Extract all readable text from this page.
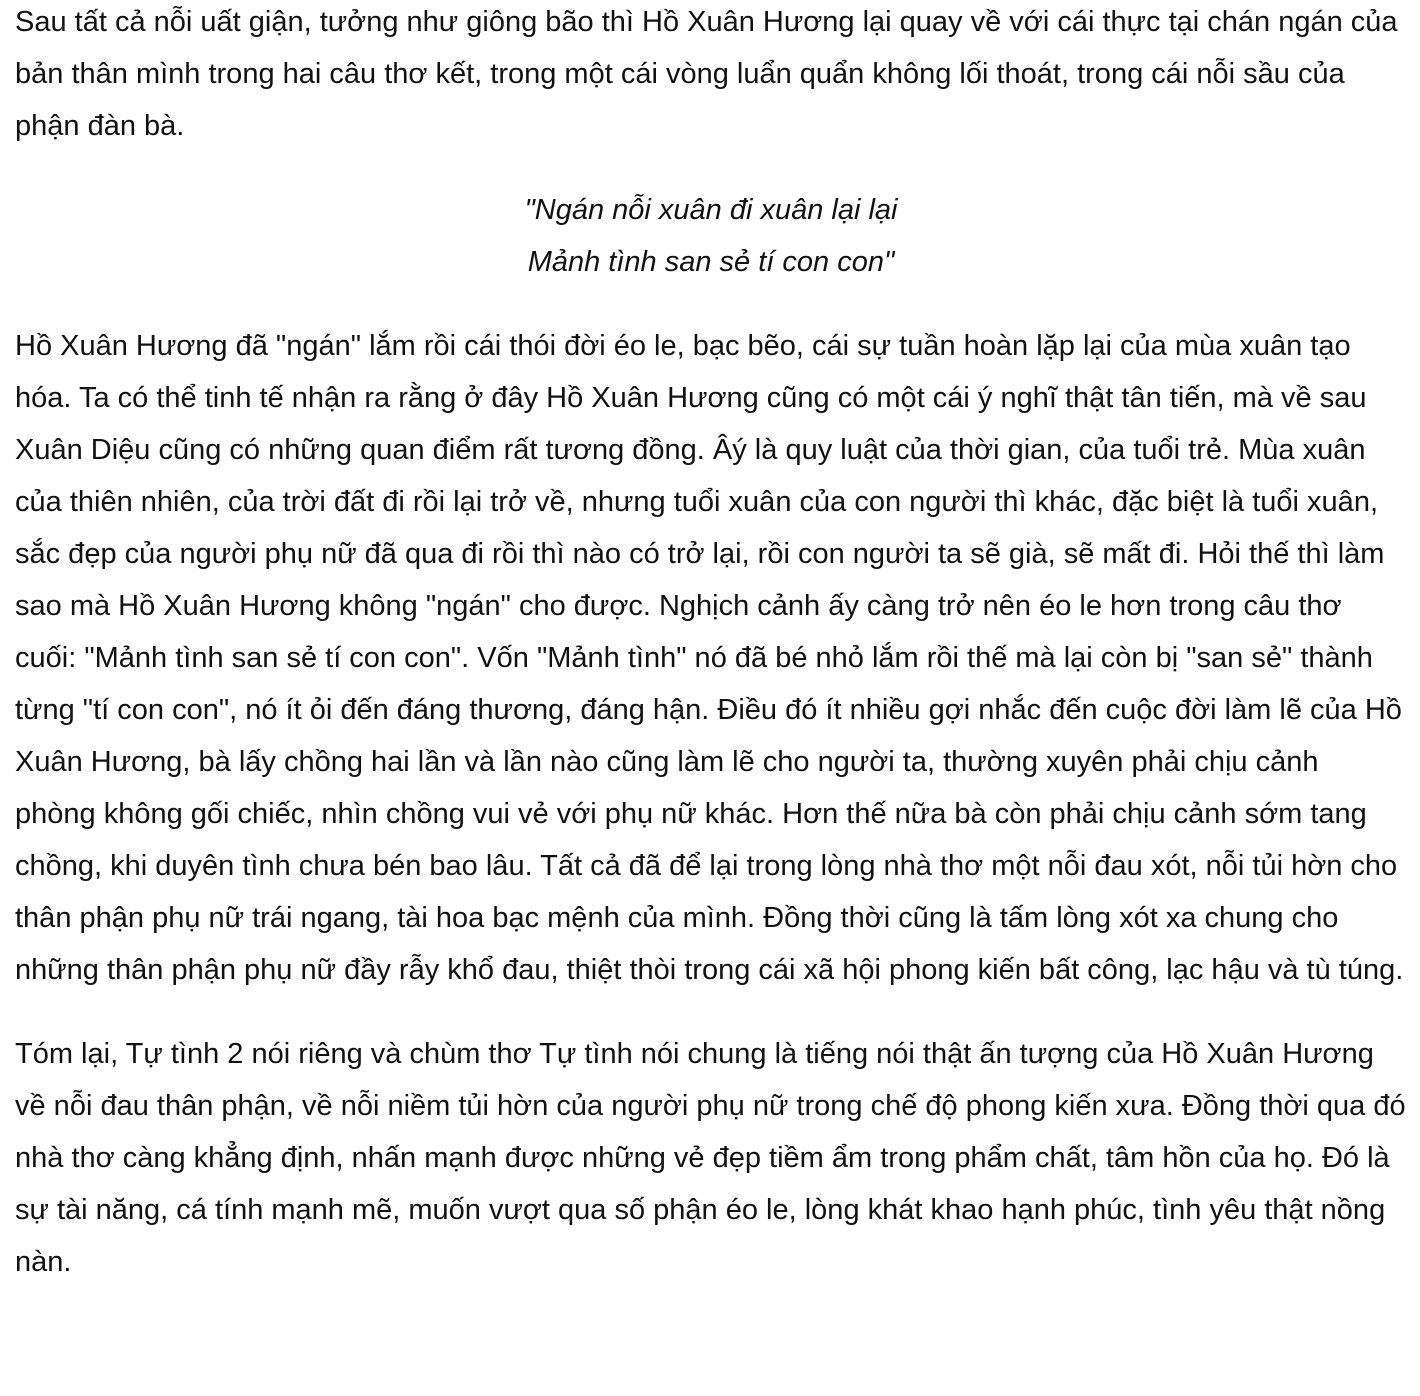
Sau tất cả nỗi uất giận, tưởng như giông bão thì Hồ Xuân Hương lại quay về với cái thực tại chán ngán của bản thân mình trong hai câu thơ kết, trong một cái vòng luẩn quẩn không lối thoát, trong cái nỗi sầu của phận đàn bà.

"Ngán nỗi xuân đi xuân lại lại
Mảnh tình san sẻ tí con con"

Hồ Xuân Hương đã "ngán" lắm rồi cái thói đời éo le, bạc bẽo, cái sự tuần hoàn lặp lại của mùa xuân tạo hóa. Ta có thể tinh tế nhận ra rằng ở đây Hồ Xuân Hương cũng có một cái ý nghĩ thật tân tiến, mà về sau Xuân Diệu cũng có những quan điểm rất tương đồng. Âý là quy luật của thời gian, của tuổi trẻ. Mùa xuân của thiên nhiên, của trời đất đi rồi lại trở về, nhưng tuổi xuân của con người thì khác, đặc biệt là tuổi xuân, sắc đẹp của người phụ nữ đã qua đi rồi thì nào có trở lại, rồi con người ta sẽ già, sẽ mất đi. Hỏi thế thì làm sao mà Hồ Xuân Hương không "ngán" cho được. Nghịch cảnh ấy càng trở nên éo le hơn trong câu thơ cuối: "Mảnh tình san sẻ tí con con". Vốn "Mảnh tình" nó đã bé nhỏ lắm rồi thế mà lại còn bị "san sẻ" thành từng "tí con con", nó ít ỏi đến đáng thương, đáng hận. Điều đó ít nhiều gợi nhắc đến cuộc đời làm lẽ của Hồ Xuân Hương, bà lấy chồng hai lần và lần nào cũng làm lẽ cho người ta, thường xuyên phải chịu cảnh phòng không gối chiếc, nhìn chồng vui vẻ với phụ nữ khác. Hơn thế nữa bà còn phải chịu cảnh sớm tang chồng, khi duyên tình chưa bén bao lâu. Tất cả đã để lại trong lòng nhà thơ một nỗi đau xót, nỗi tủi hờn cho thân phận phụ nữ trái ngang, tài hoa bạc mệnh của mình. Đồng thời cũng là tấm lòng xót xa chung cho những thân phận phụ nữ đầy rẫy khổ đau, thiệt thòi trong cái xã hội phong kiến bất công, lạc hậu và tù túng.

Tóm lại, Tự tình 2 nói riêng và chùm thơ Tự tình nói chung là tiếng nói thật ấn tượng của Hồ Xuân Hương về nỗi đau thân phận, về nỗi niềm tủi hờn của người phụ nữ trong chế độ phong kiến xưa. Đồng thời qua đó nhà thơ càng khẳng định, nhấn mạnh được những vẻ đẹp tiềm ẩm trong phẩm chất, tâm hồn của họ. Đó là sự tài năng, cá tính mạnh mẽ, muốn vượt qua số phận éo le, lòng khát khao hạnh phúc, tình yêu thật nồng nàn.
